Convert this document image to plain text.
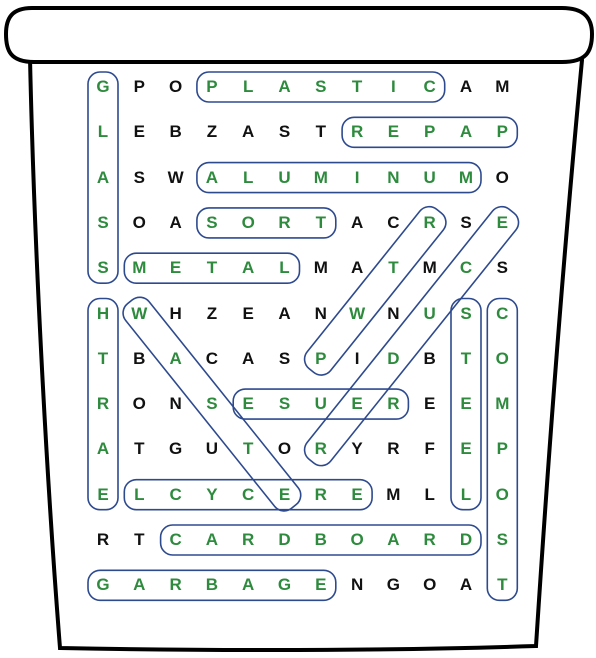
G	P	O	P	L	A	S	T	I	C	A	M
L	E	B	Z	A	S	T	R	E	P	A	P
A	S	W	A	L	U	M	I	N	U	M	O
S	O	A	S	O	R	T	A	C	R	S	E
S	M	E	T	A	L	M	A	T	M	C	S
H	W	H	Z	E	A	N	W	N	U	S	C
T	B	A	C	A	S	P	I	D	B	T	O
R	O	N	S	E	S	U	E	R	E	E	M
A	T	G	U	T	O	R	Y	R	F	E	P
E	L	C	Y	C	E	R	E	M	L	L	O
R	T	C	A	R	D	B	O	A	R	D	S
G	A	R	B	A	G	E	N	G	O	A	T
